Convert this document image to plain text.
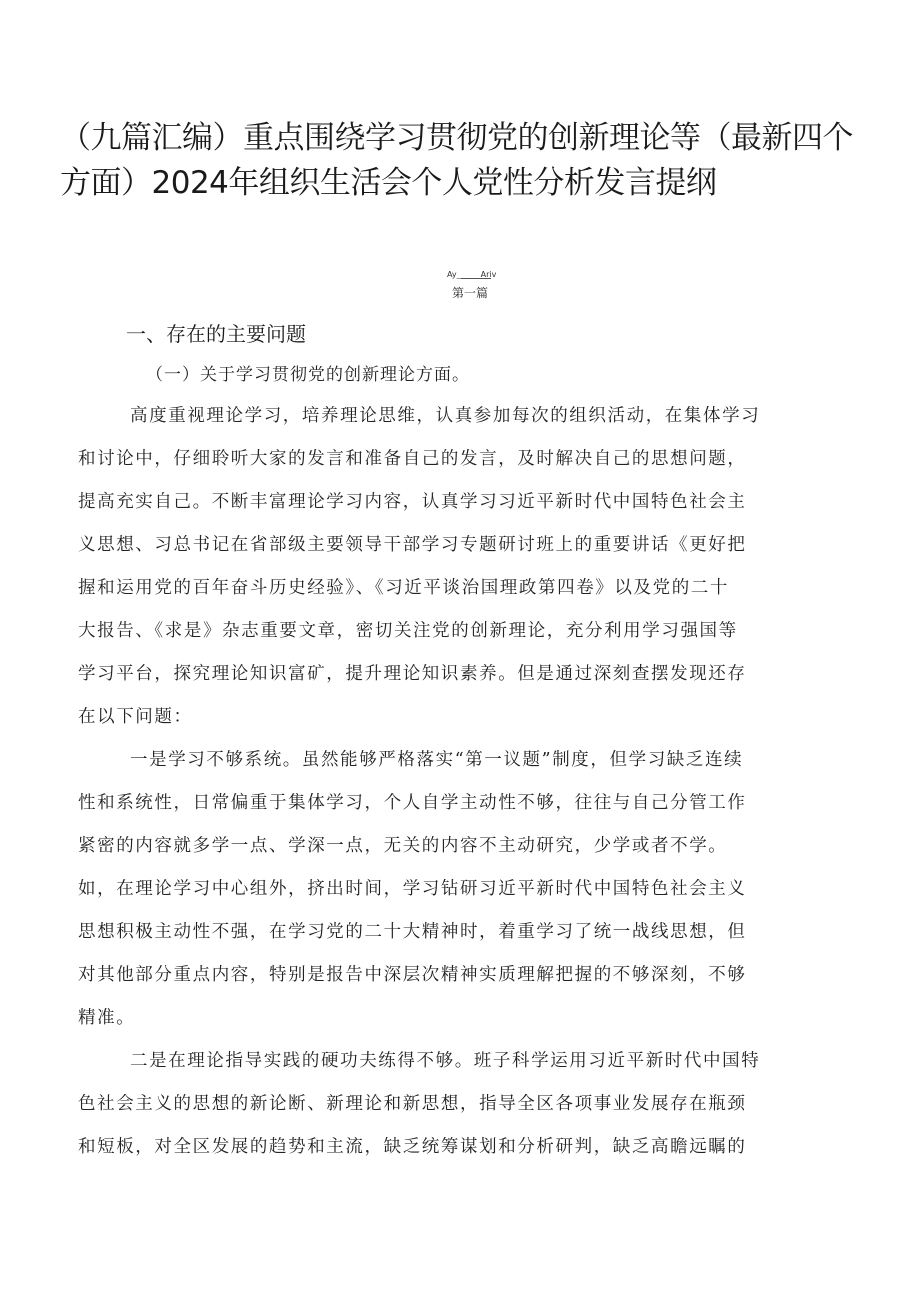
（九篇汇编）重点围绕学习贯彻党的创新理论等（最新四个
方面）2024年组织生活会个人党性分析发言提纲
Ay______Ariv
第一篇
一、存在的主要问题
（一）关于学习贯彻党的创新理论方面。
高度重视理论学习，培养理论思维，认真参加每次的组织活动，在集体学习
和讨论中，仔细聆听大家的发言和准备自己的发言，及时解决自己的思想问题，
提高充实自己。不断丰富理论学习内容，认真学习习近平新时代中国特色社会主
义思想、习总书记在省部级主要领导干部学习专题研讨班上的重要讲话《更好把
握和运用党的百年奋斗历史经验》、《习近平谈治国理政第四卷》以及党的二十
大报告、《求是》杂志重要文章，密切关注党的创新理论，充分利用学习强国等
学习平台，探究理论知识富矿，提升理论知识素养。但是通过深刻查摆发现还存
在以下问题：
一是学习不够系统。虽然能够严格落实“第一议题”制度，但学习缺乏连续
性和系统性，日常偏重于集体学习，个人自学主动性不够，往往与自己分管工作
紧密的内容就多学一点、学深一点，无关的内容不主动研究，少学或者不学。
如，在理论学习中心组外，挤出时间，学习钻研习近平新时代中国特色社会主义
思想积极主动性不强，在学习党的二十大精神时，着重学习了统一战线思想，但
对其他部分重点内容，特别是报告中深层次精神实质理解把握的不够深刻，不够
精准。
二是在理论指导实践的硬功夫练得不够。班子科学运用习近平新时代中国特
色社会主义的思想的新论断、新理论和新思想，指导全区各项事业发展存在瓶颈
和短板，对全区发展的趋势和主流，缺乏统筹谋划和分析研判，缺乏高瞻远瞩的
